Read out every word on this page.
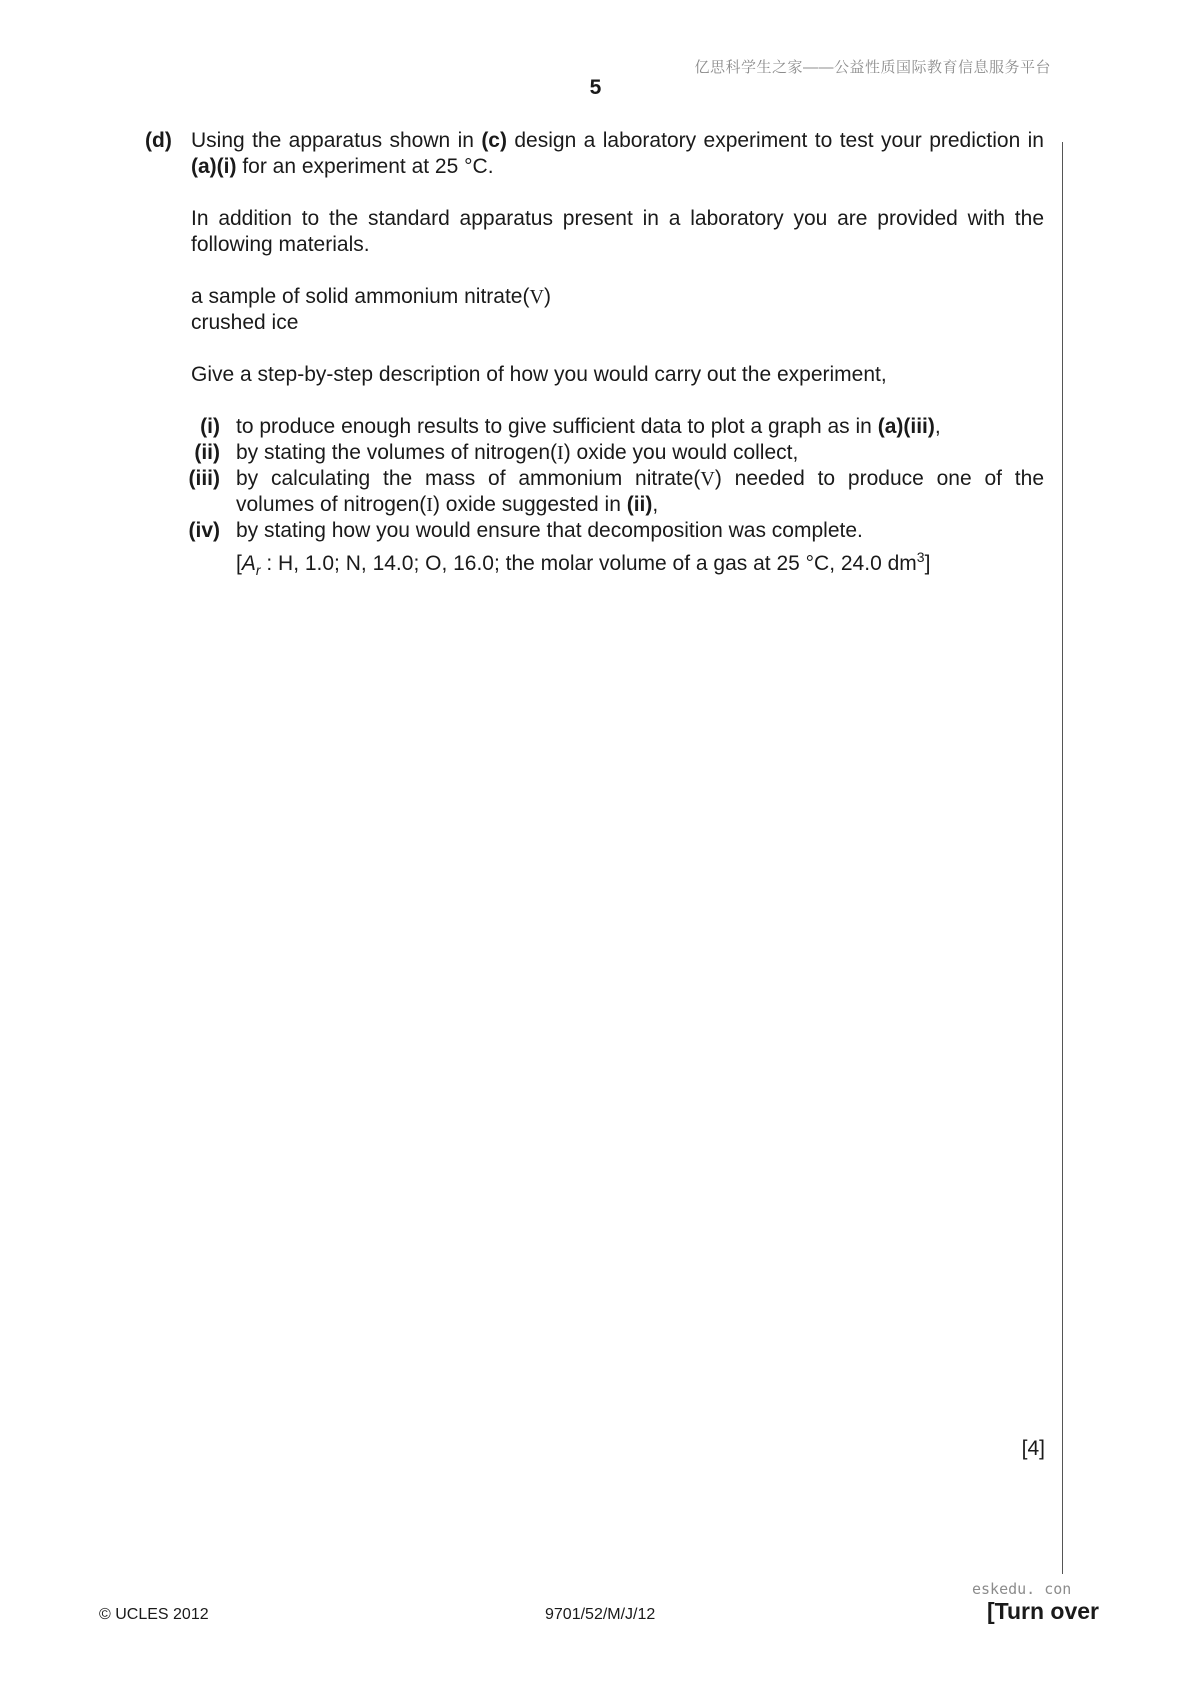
亿思科学生之家——公益性质国际教育信息服务平台
5
(d) Using the apparatus shown in (c) design a laboratory experiment to test your prediction in (a)(i) for an experiment at 25 °C.
In addition to the standard apparatus present in a laboratory you are provided with the following materials.
a sample of solid ammonium nitrate(V)
crushed ice
Give a step-by-step description of how you would carry out the experiment,
(i) to produce enough results to give sufficient data to plot a graph as in (a)(iii),
(ii) by stating the volumes of nitrogen(I) oxide you would collect,
(iii) by calculating the mass of ammonium nitrate(V) needed to produce one of the volumes of nitrogen(I) oxide suggested in (ii),
(iv) by stating how you would ensure that decomposition was complete.
[$A_r$ : H, 1.0; N, 14.0; O, 16.0; the molar volume of a gas at 25 °C, 24.0 $dm^3$]
[4]
eskedu. con
© UCLES 2012	9701/52/M/J/12	[Turn over
